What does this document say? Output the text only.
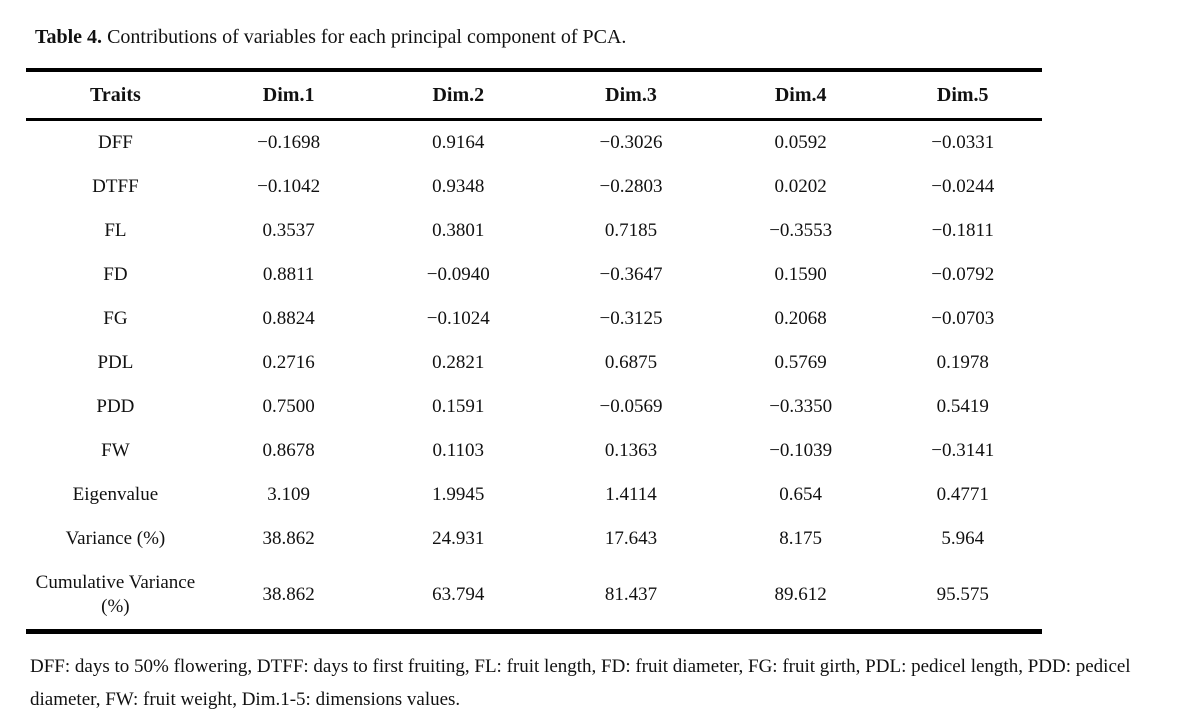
Table 4. Contributions of variables for each principal component of PCA.

Traits	Dim.1	Dim.2	Dim.3	Dim.4	Dim.5
DFF	−0.1698	0.9164	−0.3026	0.0592	−0.0331
DTFF	−0.1042	0.9348	−0.2803	0.0202	−0.0244
FL	0.3537	0.3801	0.7185	−0.3553	−0.1811
FD	0.8811	−0.0940	−0.3647	0.1590	−0.0792
FG	0.8824	−0.1024	−0.3125	0.2068	−0.0703
PDL	0.2716	0.2821	0.6875	0.5769	0.1978
PDD	0.7500	0.1591	−0.0569	−0.3350	0.5419
FW	0.8678	0.1103	0.1363	−0.1039	−0.3141
Eigenvalue	3.109	1.9945	1.4114	0.654	0.4771
Variance (%)	38.862	24.931	17.643	8.175	5.964
Cumulative Variance (%)	38.862	63.794	81.437	89.612	95.575

DFF: days to 50% flowering, DTFF: days to first fruiting, FL: fruit length, FD: fruit diameter, FG: fruit girth, PDL: pedicel length, PDD: pedicel diameter, FW: fruit weight, Dim.1-5: dimensions values.
